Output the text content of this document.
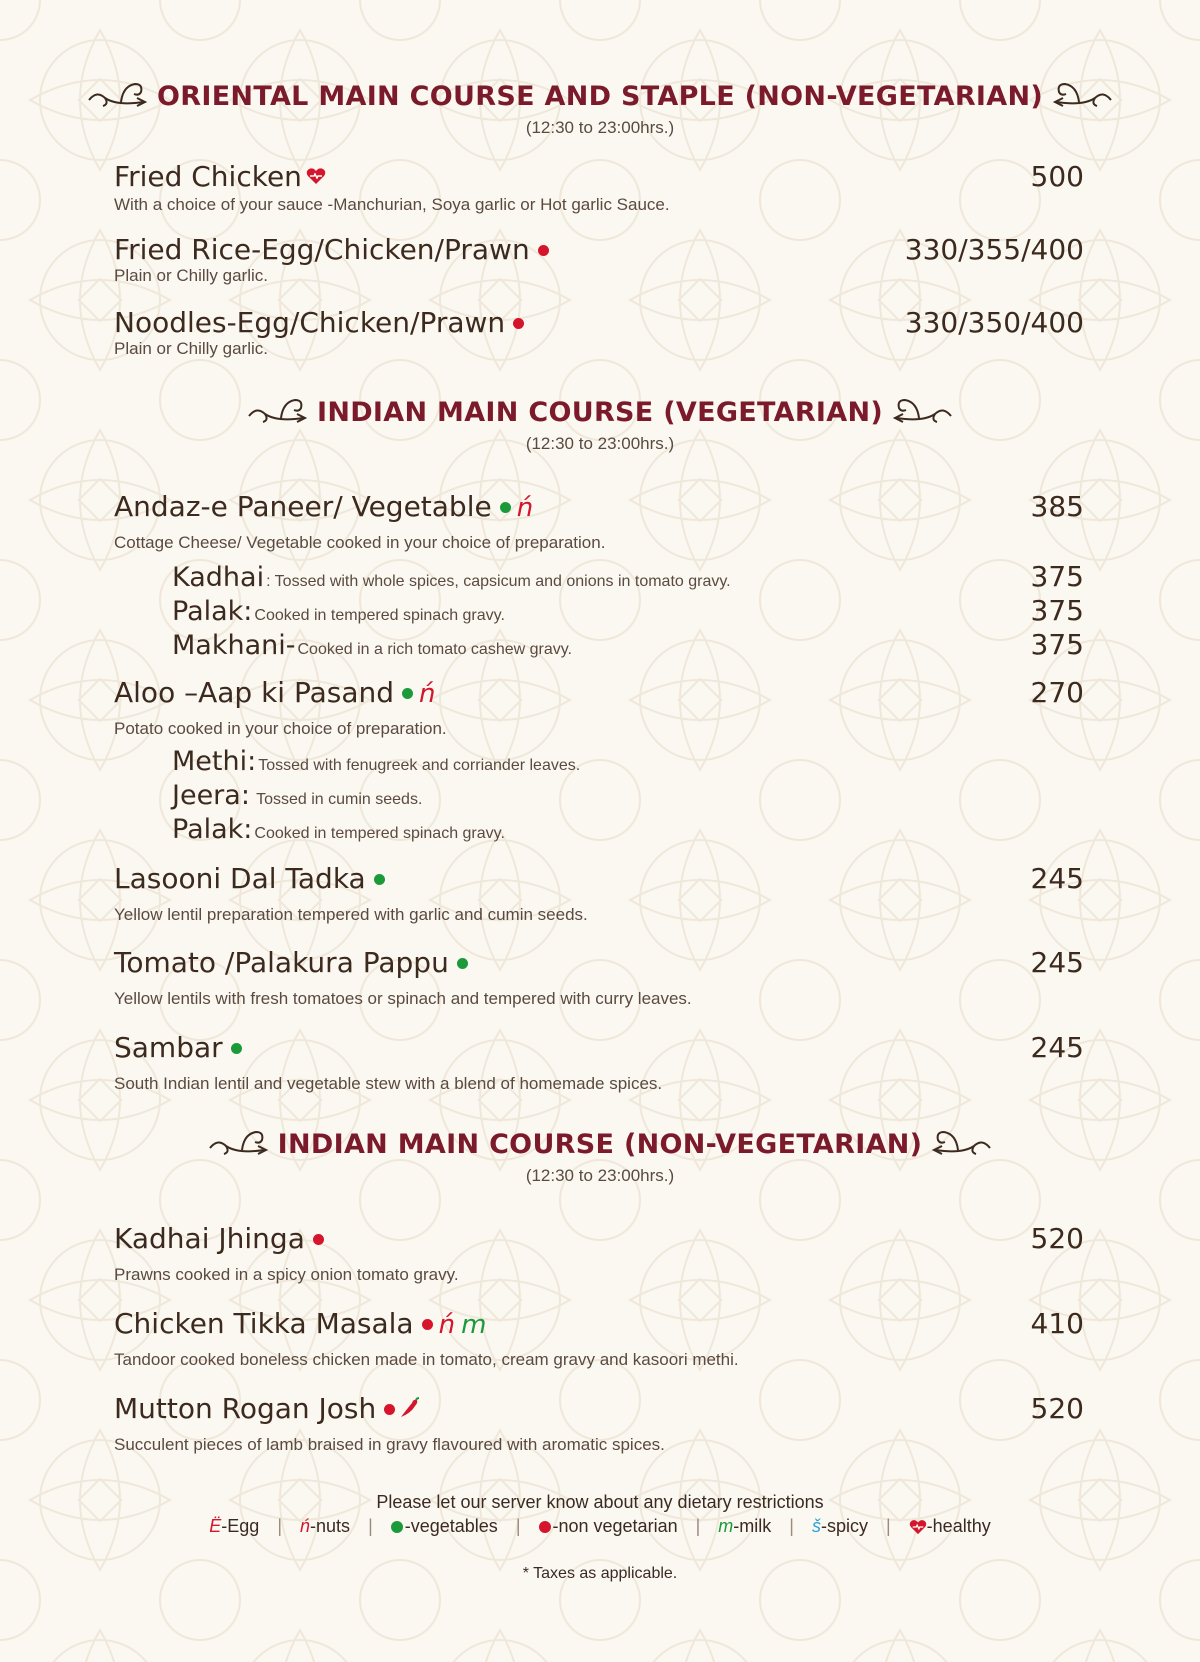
ORIENTAL MAIN COURSE AND STAPLE (NON-VEGETARIAN)
(12:30 to 23:00hrs.)
Fried Chicken	500
With a choice of your sauce -Manchurian, Soya garlic or Hot garlic Sauce.
Fried Rice-Egg/Chicken/Prawn	330/355/400
Plain or Chilly garlic.
Noodles-Egg/Chicken/Prawn	330/350/400
Plain or Chilly garlic.
INDIAN MAIN COURSE (VEGETARIAN)
(12:30 to 23:00hrs.)
Andaz-e Paneer/ Vegetable ń	385
Cottage Cheese/ Vegetable cooked in your choice of preparation.
Kadhai : Tossed with whole spices, capsicum and onions in tomato gravy.	375
Palak: Cooked in tempered spinach gravy.	375
Makhani- Cooked in a rich tomato cashew gravy.	375
Aloo –Aap ki Pasand ń	270
Potato cooked in your choice of preparation.
Methi: Tossed with fenugreek and corriander leaves.
Jeera: Tossed in cumin seeds.
Palak: Cooked in tempered spinach gravy.
Lasooni Dal Tadka	245
Yellow lentil preparation tempered with garlic and cumin seeds.
Tomato /Palakura Pappu	245
Yellow lentils with fresh tomatoes or spinach and tempered with curry leaves.
Sambar	245
South Indian lentil and vegetable stew with a blend of homemade spices.
INDIAN MAIN COURSE (NON-VEGETARIAN)
(12:30 to 23:00hrs.)
Kadhai Jhinga	520
Prawns cooked in a spicy onion tomato gravy.
Chicken Tikka Masala ń m	410
Tandoor cooked boneless chicken made in tomato, cream gravy and kasoori methi.
Mutton Rogan Josh	520
Succulent pieces of lamb braised in gravy flavoured with aromatic spices.
Please let our server know about any dietary restrictions
Ë -Egg | ń -nuts | -vegetables | -non vegetarian | m -milk | š -spicy | -healthy
* Taxes as applicable.
